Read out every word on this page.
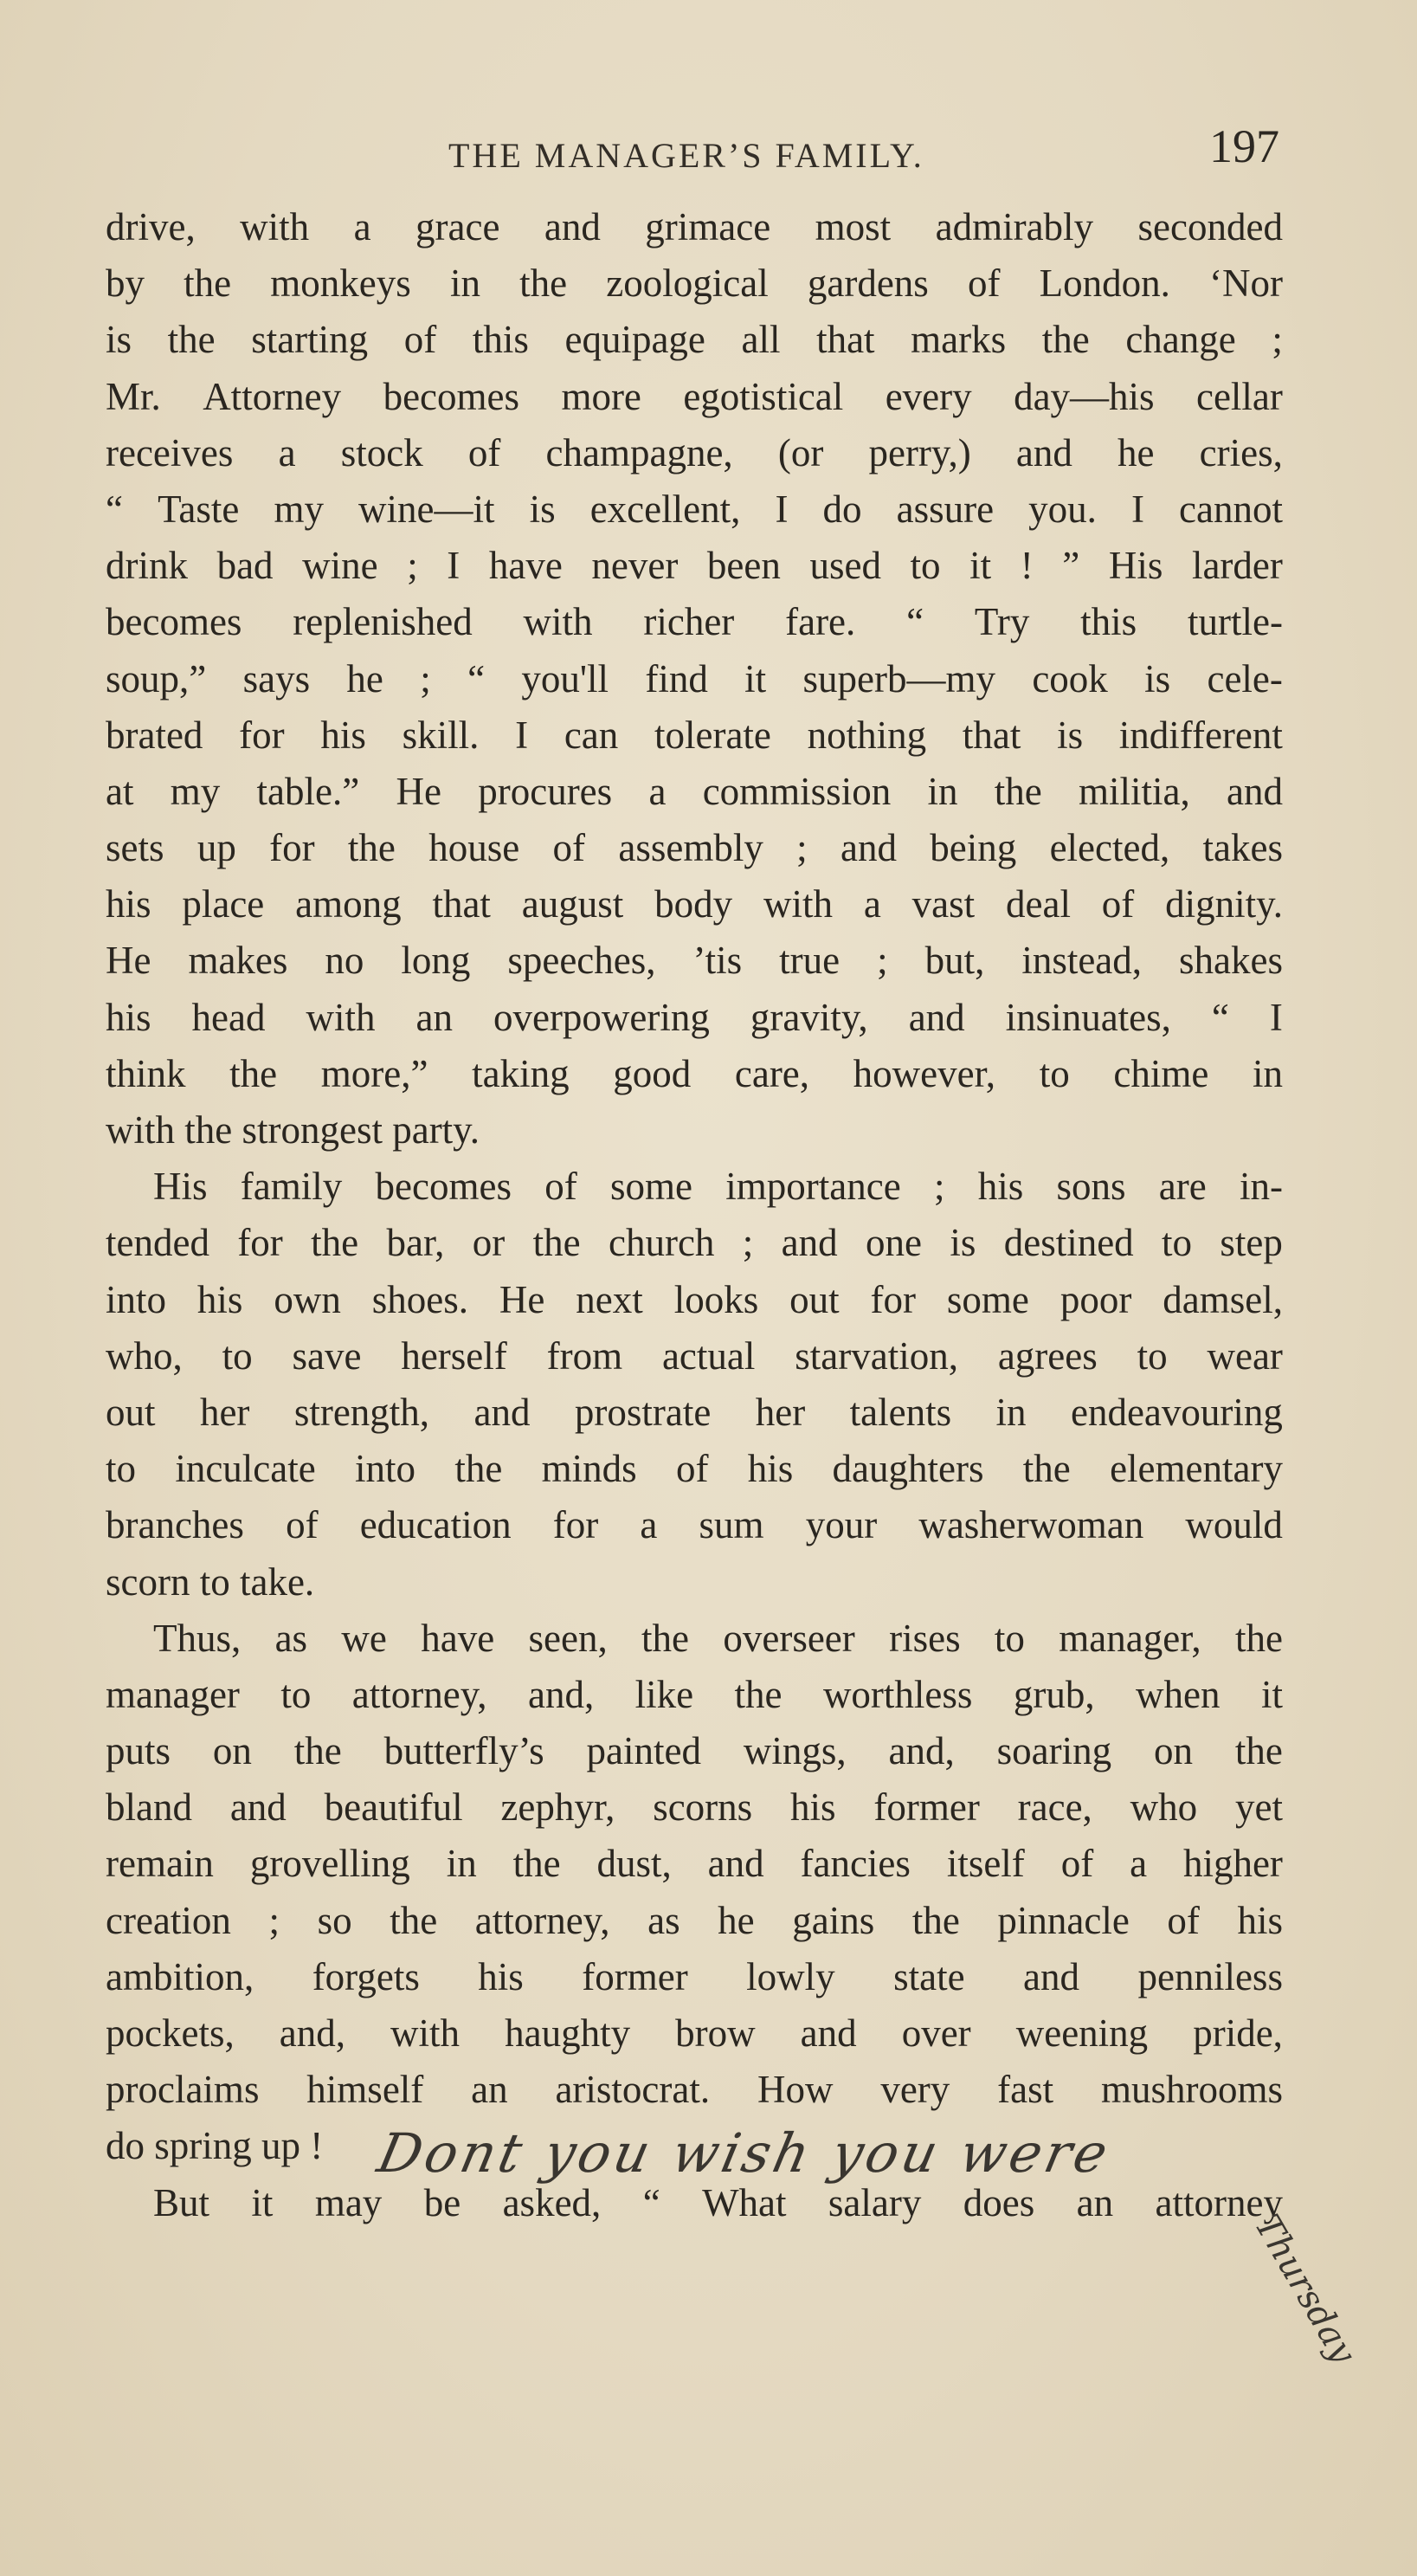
THE MANAGER’S FAMILY.	197
drive, with a grace and grimace most admirably seconded
by the monkeys in the zoological gardens of London. ‘Nor
is the starting of this equipage all that marks the change ;
Mr. Attorney becomes more egotistical every day—his cellar
receives a stock of champagne, (or perry,) and he cries,
“ Taste my wine—it is excellent, I do assure you. I cannot
drink bad wine ; I have never been used to it ! ” His larder
becomes replenished with richer fare. “ Try this turtle-
soup,” says he ; “ you'll find it superb—my cook is cele-
brated for his skill. I can tolerate nothing that is indifferent
at my table.” He procures a commission in the militia, and
sets up for the house of assembly ; and being elected, takes
his place among that august body with a vast deal of dignity.
He makes no long speeches, ’tis true ; but, instead, shakes
his head with an overpowering gravity, and insinuates, “ I
think the more,” taking good care, however, to chime in
with the strongest party.
His family becomes of some importance ; his sons are in-
tended for the bar, or the church ; and one is destined to step
into his own shoes. He next looks out for some poor damsel,
who, to save herself from actual starvation, agrees to wear
out her strength, and prostrate her talents in endeavouring
to inculcate into the minds of his daughters the elementary
branches of education for a sum your washerwoman would
scorn to take.
Thus, as we have seen, the overseer rises to manager, the
manager to attorney, and, like the worthless grub, when it
puts on the butterfly’s painted wings, and, soaring on the
bland and beautiful zephyr, scorns his former race, who yet
remain grovelling in the dust, and fancies itself of a higher
creation ; so the attorney, as he gains the pinnacle of his
ambition, forgets his former lowly state and penniless
pockets, and, with haughty brow and over weening pride,
proclaims himself an aristocrat. How very fast mushrooms
do spring up !
But it may be asked, “ What salary does an attorney
Dont you wish you were
Thursday
